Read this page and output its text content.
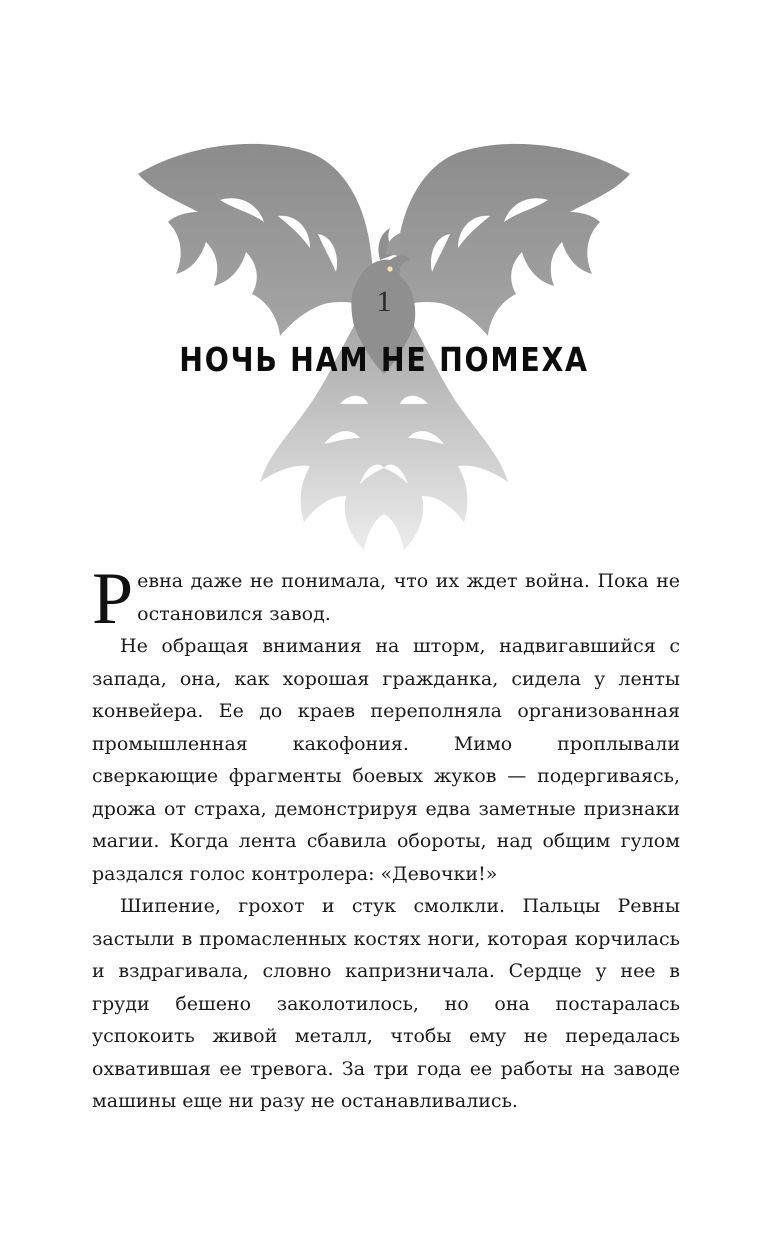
1
НОЧЬ НАМ НЕ ПОМЕХА

Ревна даже не понимала, что их ждет война. Пока не остановился завод.

Не обращая внимания на шторм, надвигавшийся с запада, она, как хорошая гражданка, сидела у ленты конвейера. Ее до краев переполняла организованная промышленная какофония. Мимо проплывали сверкающие фрагменты боевых жуков — подергиваясь, дрожа от страха, демонстрируя едва заметные признаки магии. Когда лента сбавила обороты, над общим гулом раздался голос контролера: «Девочки!»

Шипение, грохот и стук смолкли. Пальцы Ревны застыли в промасленных костях ноги, которая корчилась и вздрагивала, словно капризничала. Сердце у нее в груди бешено заколотилось, но она постаралась успокоить живой металл, чтобы ему не передалась охватившая ее тревога. За три года ее работы на заводе машины еще ни разу не останавливались.
